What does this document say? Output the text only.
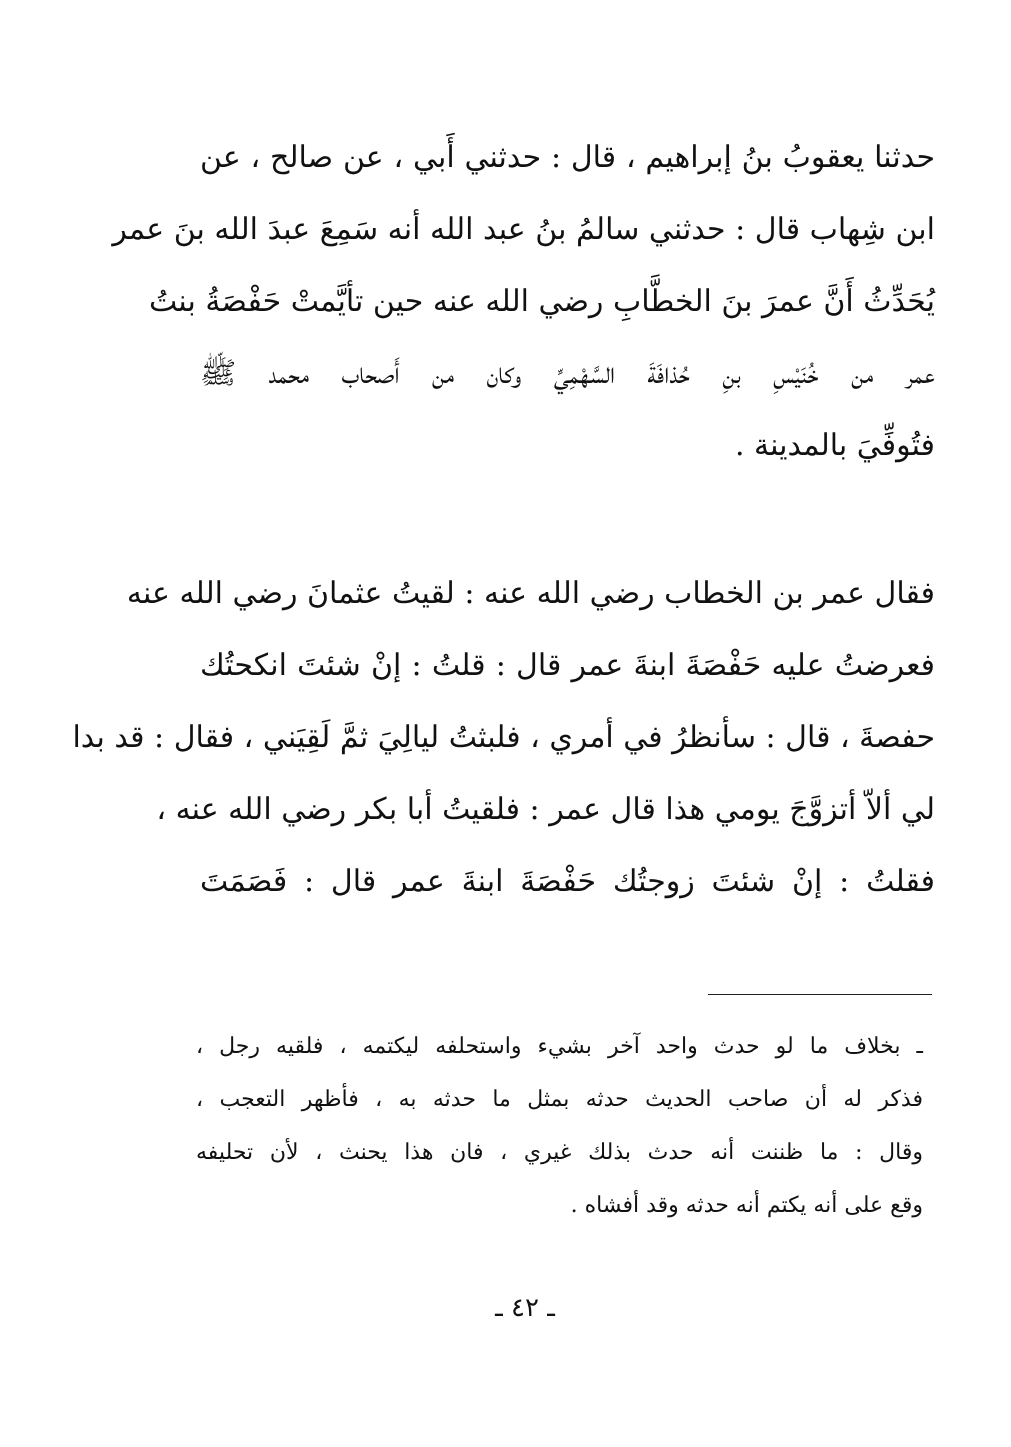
حدثنا يعقوبُ بنُ إبراهيم ، قال : حدثني أَبي ، عن صالح ، عن
ابن شِهاب قال : حدثني سالمُ بنُ عبد الله أنه سَمِعَ عبدَ الله بنَ عمر
يُحَدِّثُ أَنَّ عمرَ بنَ الخطَّابِ رضي الله عنه حين تأيَّمتْ حَفْصَةُ بنتُ
عمر من خُنَيْسِ بنِ حُذافَةَ السَّهْمِيِّ وكان من أَصحاب محمد ﷺ
فتُوفِّيَ بالمدينة .
فقال عمر بن الخطاب رضي الله عنه : لقيتُ عثمانَ رضي الله عنه
فعرضتُ عليه حَفْصَةَ ابنةَ عمر قال : قلتُ : إنْ شئتَ انكحتُك
حفصةَ ، قال : سأنظرُ في أمري ، فلبثتُ ليالِيَ ثمَّ لَقِيَني ، فقال : قد بدا
لي ألاّ أتزوَّجَ يومي هذا قال عمر : فلقيتُ أبا بكر رضي الله عنه ،
فقلتُ : إنْ شئتَ زوجتُك حَفْصَةَ ابنةَ عمر قال : فَصَمَتَ
ـ بخلاف ما لو حدث واحد آخر بشيء واستحلفه ليكتمه ، فلقيه رجل ،
فذكر له أن صاحب الحديث حدثه بمثل ما حدثه به ، فأظهر التعجب ،
وقال : ما ظننت أنه حدث بذلك غيري ، فان هذا يحنث ، لأن تحليفه
وقع على أنه يكتم أنه حدثه وقد أفشاه .
ـ ٤٢ ـ
